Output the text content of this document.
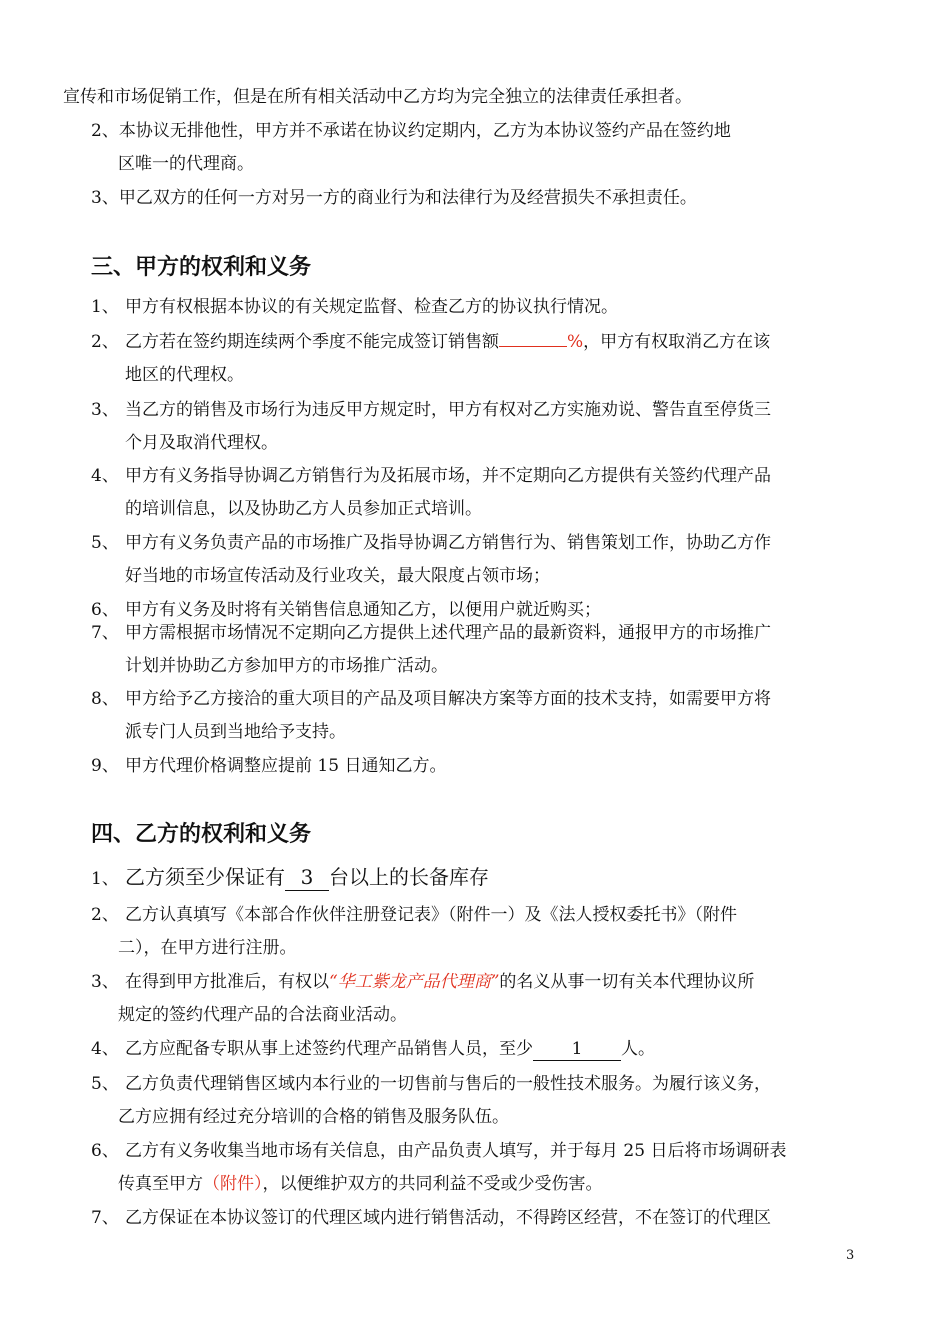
宣传和市场促销工作，但是在所有相关活动中乙方均为完全独立的法律责任承担者。
2、本协议无排他性，甲方并不承诺在协议约定期内，乙方为本协议签约产品在签约地
区唯一的代理商。
3、甲乙双方的任何一方对另一方的商业行为和法律行为及经营损失不承担责任。
三、甲方的权利和义务
1、 甲方有权根据本协议的有关规定监督、检查乙方的协议执行情况。
2、 乙方若在签约期连续两个季度不能完成签订销售额	%，甲方有权取消乙方在该
地区的代理权。
3、 当乙方的销售及市场行为违反甲方规定时，甲方有权对乙方实施劝说、警告直至停货三
个月及取消代理权。
4、 甲方有义务指导协调乙方销售行为及拓展市场，并不定期向乙方提供有关签约代理产品
的培训信息，以及协助乙方人员参加正式培训。
5、 甲方有义务负责产品的市场推广及指导协调乙方销售行为、销售策划工作，协助乙方作
好当地的市场宣传活动及行业攻关，最大限度占领市场；
6、 甲方有义务及时将有关销售信息通知乙方，以便用户就近购买；
7、 甲方需根据市场情况不定期向乙方提供上述代理产品的最新资料，通报甲方的市场推广
计划并协助乙方参加甲方的市场推广活动。
8、 甲方给予乙方接洽的重大项目的产品及项目解决方案等方面的技术支持，如需要甲方将
派专门人员到当地给予支持。
9、 甲方代理价格调整应提前 15 日通知乙方。
四、乙方的权利和义务
1、 乙方须至少保证有 3 台以上的长备库存
2、 乙方认真填写《本部合作伙伴注册登记表》（附件一）及《法人授权委托书》（附件
二），在甲方进行注册。
3、 在得到甲方批准后，有权以“华工紫龙产品代理商”的名义从事一切有关本代理协议所
规定的签约代理产品的合法商业活动。
4、 乙方应配备专职从事上述签约代理产品销售人员，至少 1 人。
5、 乙方负责代理销售区域内本行业的一切售前与售后的一般性技术服务。为履行该义务，
乙方应拥有经过充分培训的合格的销售及服务队伍。
6、 乙方有义务收集当地市场有关信息，由产品负责人填写，并于每月 25 日后将市场调研表
传真至甲方（附件），以便维护双方的共同利益不受或少受伤害。
7、 乙方保证在本协议签订的代理区域内进行销售活动，不得跨区经营，不在签订的代理区
3
